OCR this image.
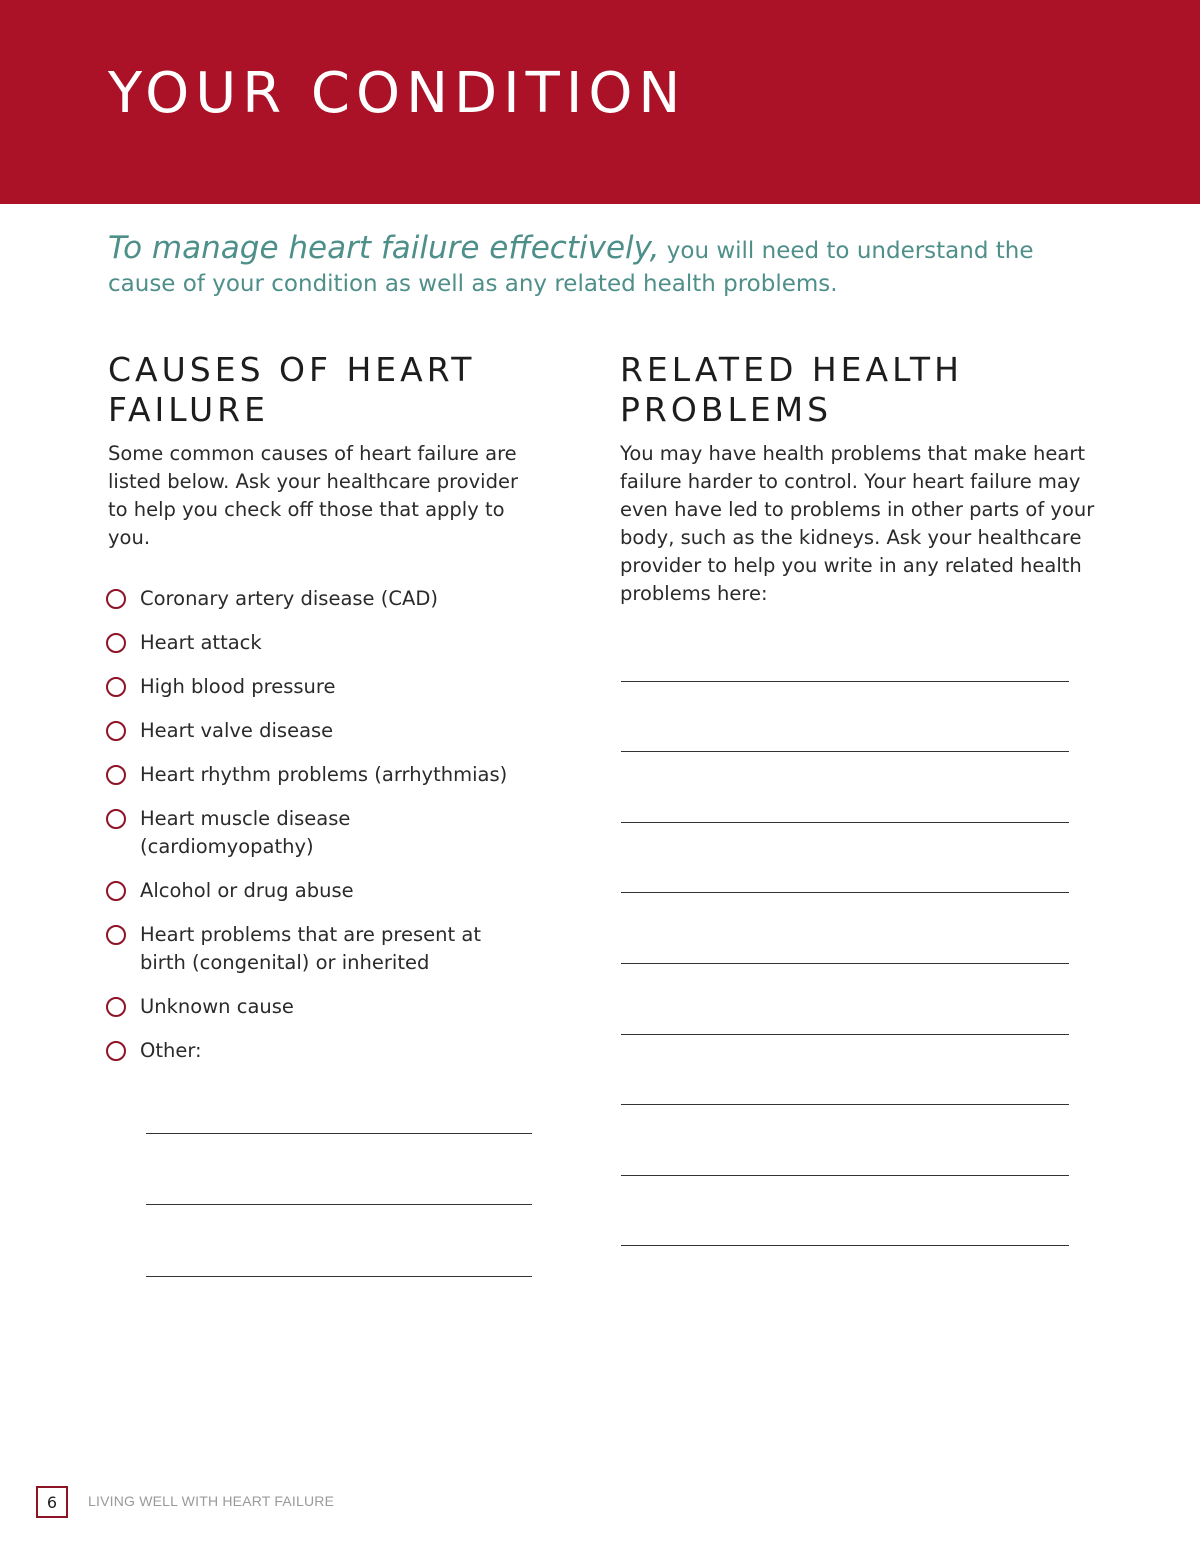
YOUR CONDITION
To manage heart failure effectively, you will need to understand the cause of your condition as well as any related health problems.
CAUSES OF HEART FAILURE
Some common causes of heart failure are listed below. Ask your healthcare provider to help you check off those that apply to you.
Coronary artery disease (CAD)
Heart attack
High blood pressure
Heart valve disease
Heart rhythm problems (arrhythmias)
Heart muscle disease (cardiomyopathy)
Alcohol or drug abuse
Heart problems that are present at birth (congenital) or inherited
Unknown cause
Other:
RELATED HEALTH PROBLEMS
You may have health problems that make heart failure harder to control. Your heart failure may even have led to problems in other parts of your body, such as the kidneys. Ask your healthcare provider to help you write in any related health problems here:
6	LIVING WELL WITH HEART FAILURE
